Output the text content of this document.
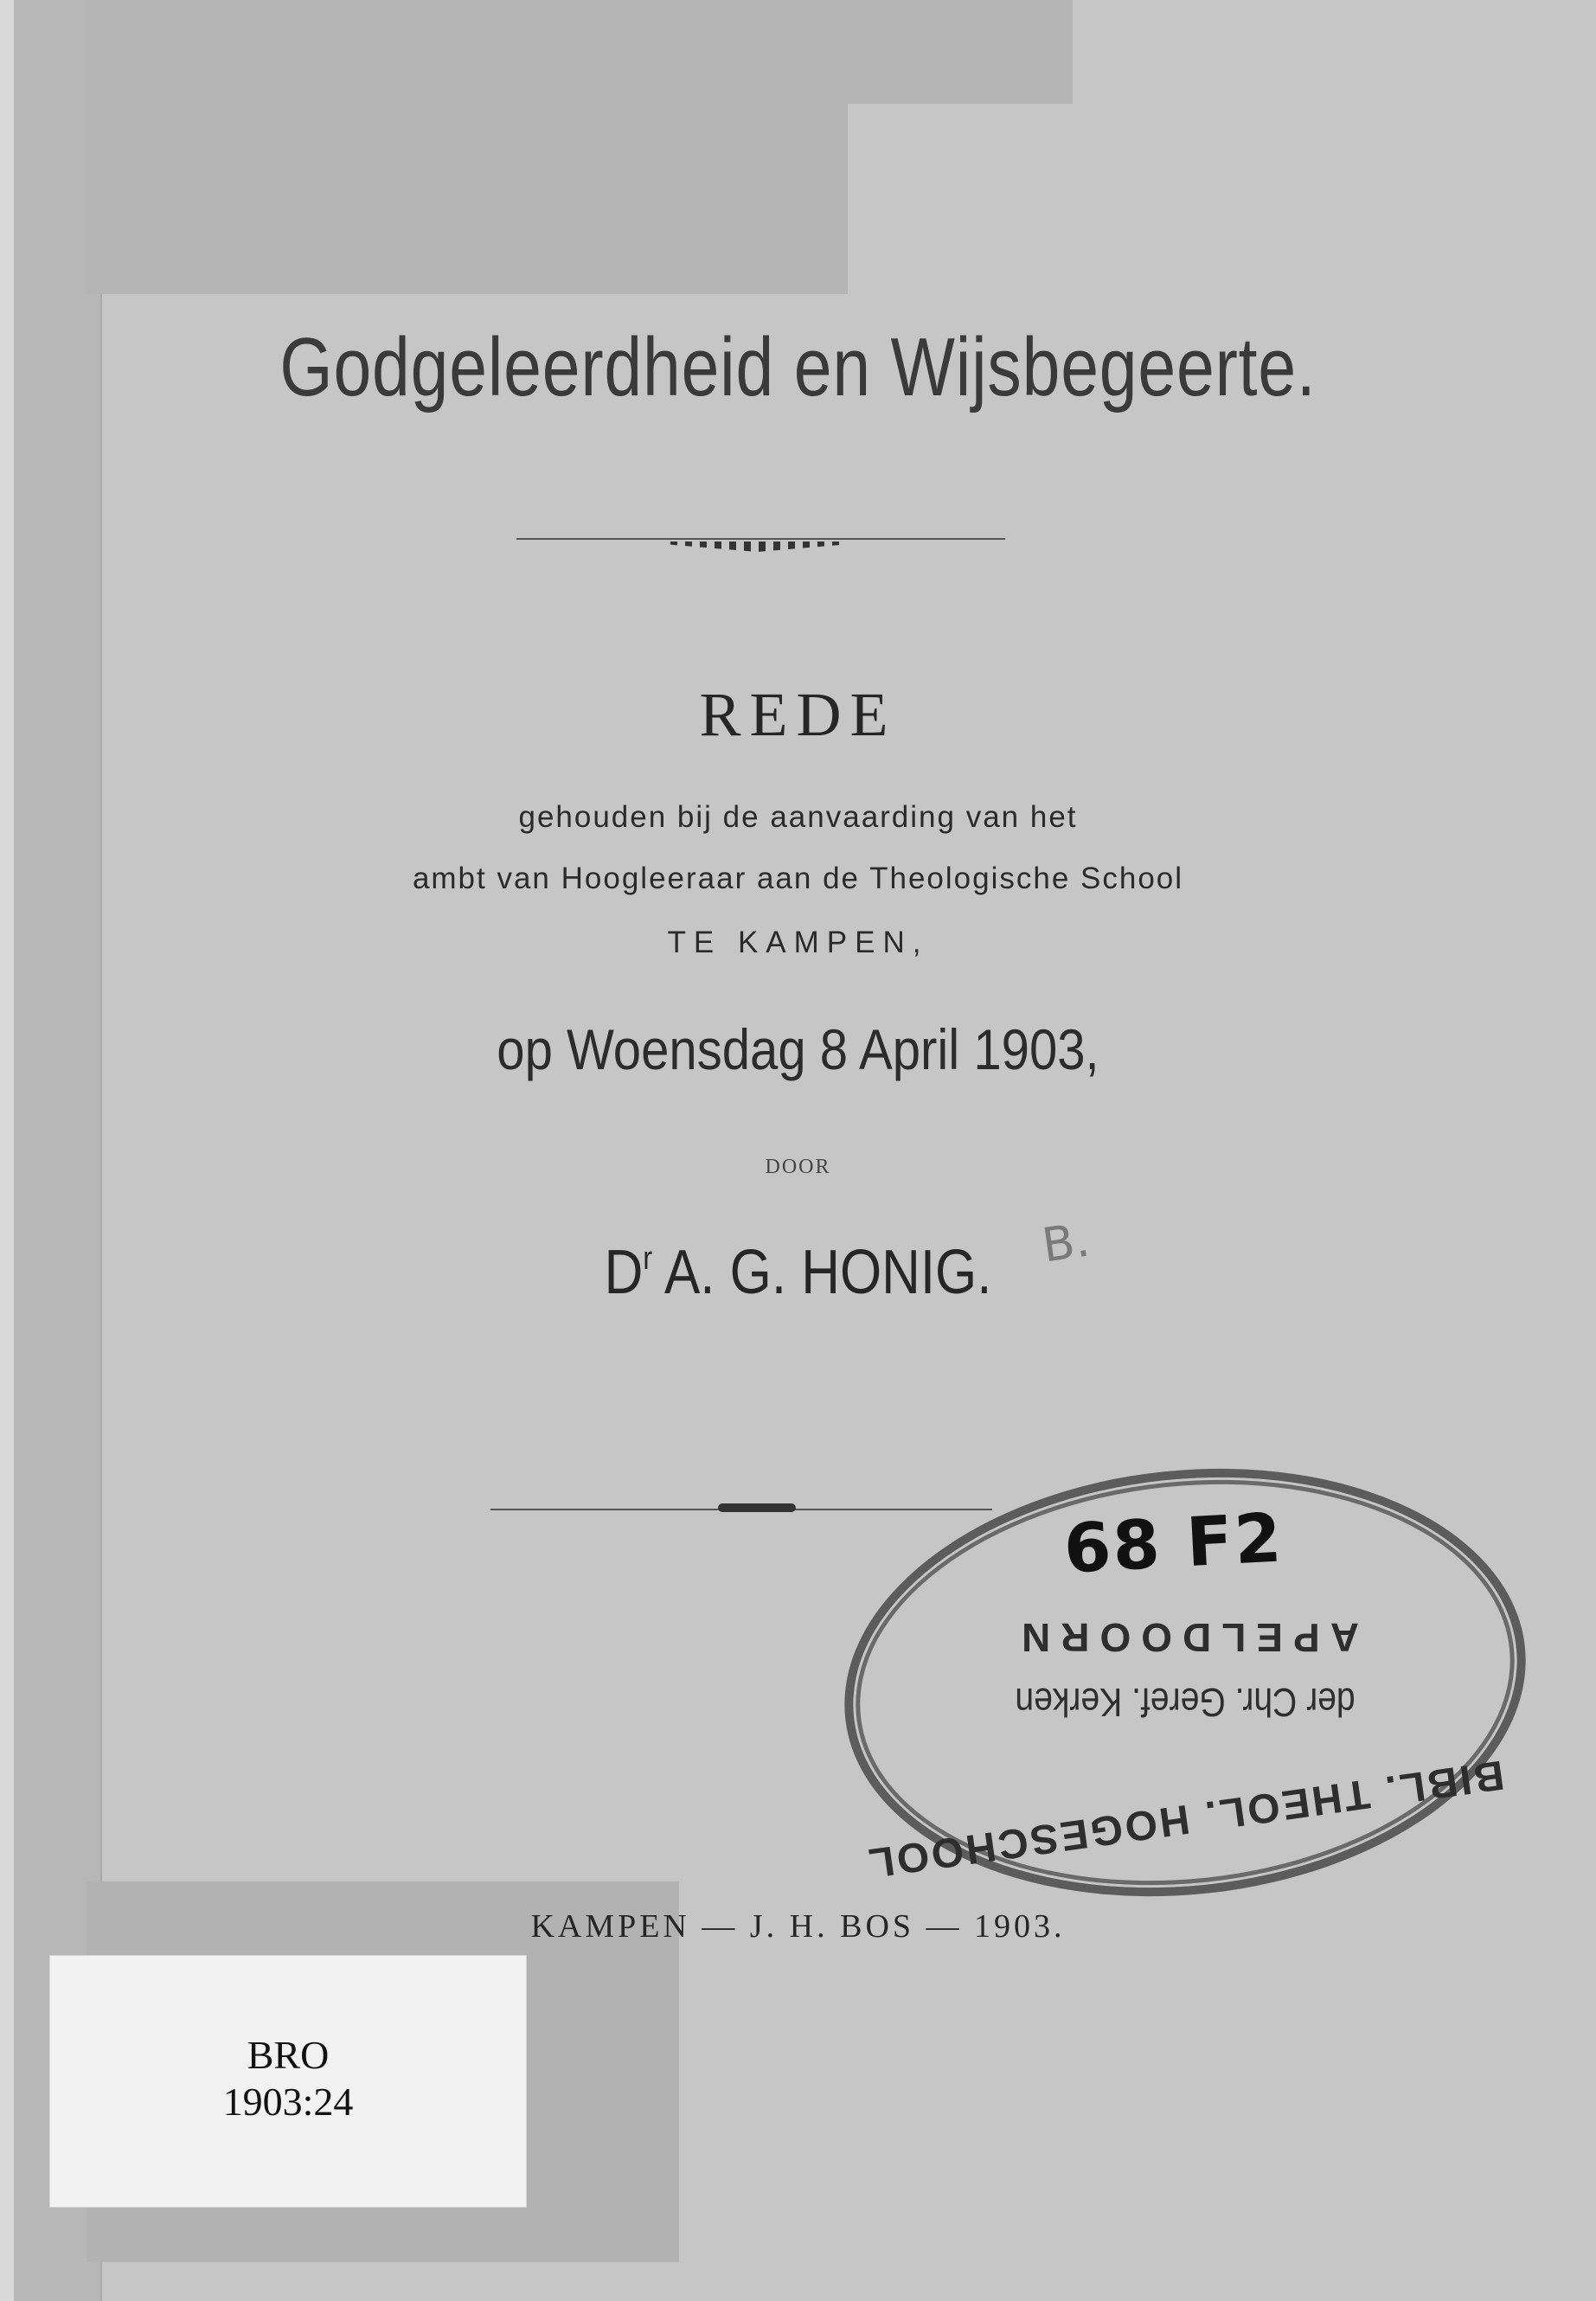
Godgeleerdheid en Wijsbegeerte.
REDE
gehouden bij de aanvaarding van het
ambt van Hoogleeraar aan de Theologische School
TE KAMPEN,
op Woensdag 8 April 1903,
DOOR
$D^r$ A. G. HONIG.	B.
BIBL. THEOL. HOGESCHOOL
der Chr. Geref. Kerken
APELDOORN
68 F2
KAMPEN — J. H. BOS — 1903.
BRO
1903:24
